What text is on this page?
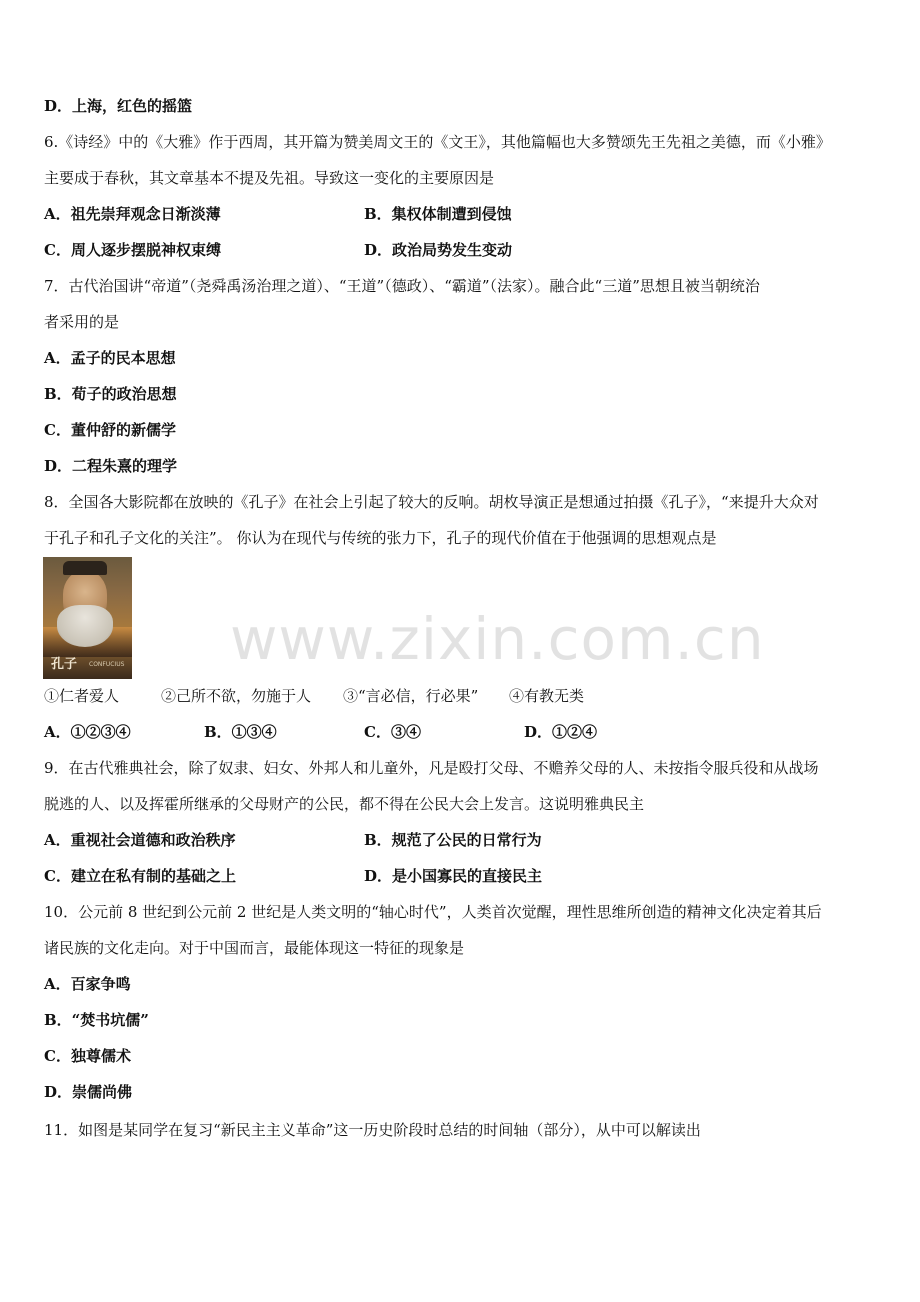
D．上海，红色的摇篮
6.《诗经》中的《大雅》作于西周，其开篇为赞美周文王的《文王》，其他篇幅也大多赞颂先王先祖之美德，而《小雅》
主要成于春秋，其文章基本不提及先祖。导致这一变化的主要原因是
A．祖先崇拜观念日渐淡薄	B．集权体制遭到侵蚀
C．周人逐步摆脱神权束缚	D．政治局势发生变动
7．古代治国讲“帝道”（尧舜禹汤治理之道）、“王道”（德政）、“霸道”（法家）。融合此“三道”思想且被当朝统治
者采用的是
A．孟子的民本思想
B．荀子的政治思想
C．董仲舒的新儒学
D．二程朱熹的理学
8．全国各大影院都在放映的《孔子》在社会上引起了较大的反响。胡枚导演正是想通过拍摄《孔子》，“来提升大众对
于孔子和孔子文化的关注”。 你认为在现代与传统的张力下，孔子的现代价值在于他强调的思想观点是
孔子 CONFUCIUS www.zixin.com.cn
①仁者爱人	②己所不欲，勿施于人 ③“言必信，行必果” ④有教无类
A．①②③④	B．①③④	C．③④	D．①②④
9．在古代雅典社会，除了奴隶、妇女、外邦人和儿童外，凡是殴打父母、不赡养父母的人、未按指令服兵役和从战场
脱逃的人、以及挥霍所继承的父母财产的公民，都不得在公民大会上发言。这说明雅典民主
A．重视社会道德和政治秩序	B．规范了公民的日常行为
C．建立在私有制的基础之上	D．是小国寡民的直接民主
10．公元前 8 世纪到公元前 2 世纪是人类文明的“轴心时代”，人类首次觉醒，理性思维所创造的精神文化决定着其后
诸民族的文化走向。对于中国而言，最能体现这一特征的现象是
A．百家争鸣
B．“焚书坑儒”
C．独尊儒术
D．崇儒尚佛
11．如图是某同学在复习“新民主主义革命”这一历史阶段时总结的时间轴（部分），从中可以解读出
